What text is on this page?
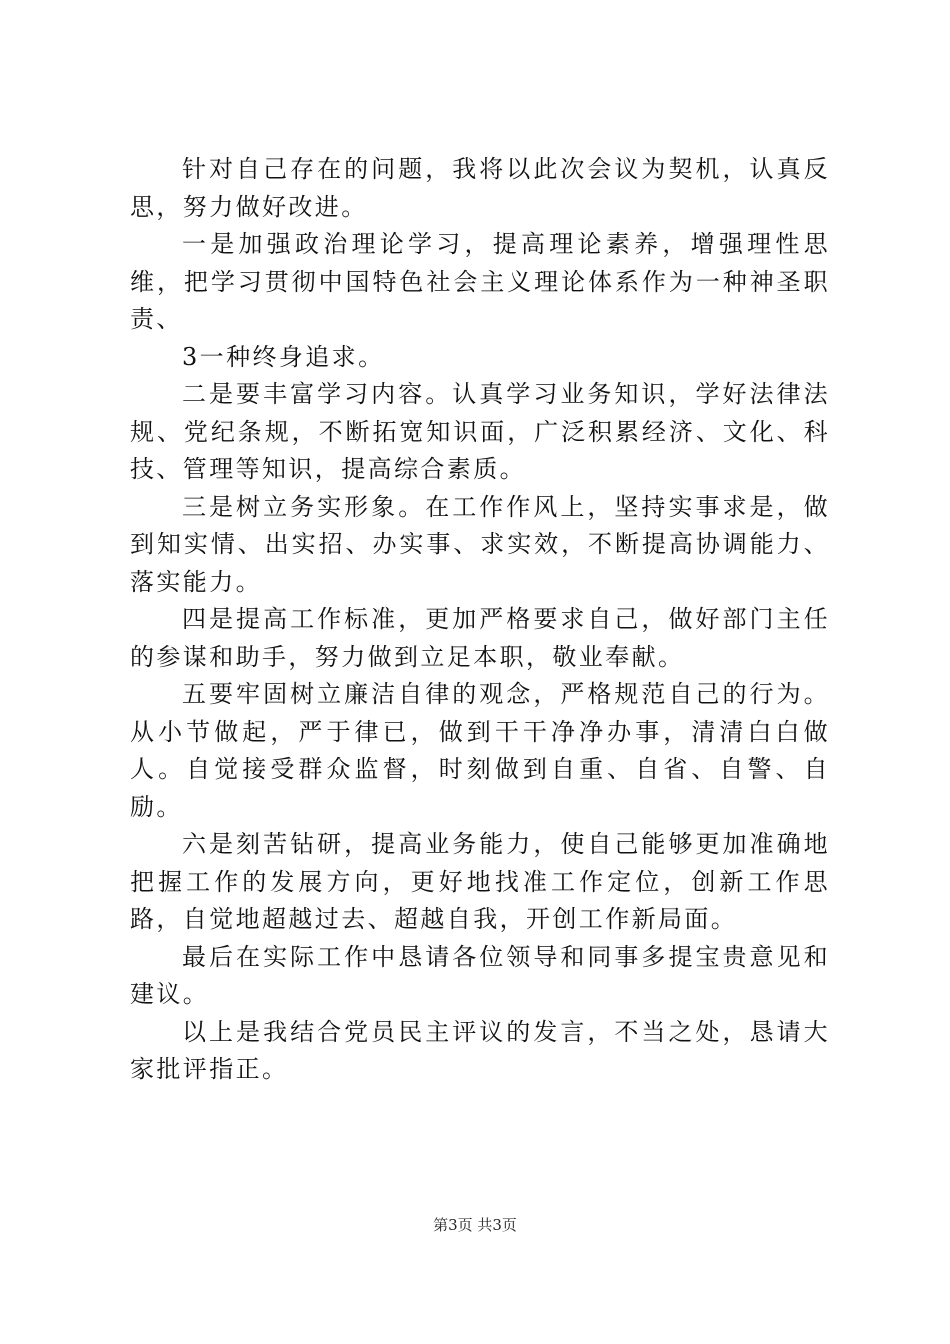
针对自己存在的问题，我将以此次会议为契机，认真反思，努力做好改进。

一是加强政治理论学习，提高理论素养，增强理性思维，把学习贯彻中国特色社会主义理论体系作为一种神圣职责、

3一种终身追求。

二是要丰富学习内容。认真学习业务知识，学好法律法规、党纪条规，不断拓宽知识面，广泛积累经济、文化、科技、管理等知识，提高综合素质。

三是树立务实形象。在工作作风上，坚持实事求是，做到知实情、出实招、办实事、求实效，不断提高协调能力、落实能力。

四是提高工作标准，更加严格要求自己，做好部门主任的参谋和助手，努力做到立足本职，敬业奉献。

五要牢固树立廉洁自律的观念，严格规范自己的行为。从小节做起，严于律已，做到干干净净办事，清清白白做人。自觉接受群众监督，时刻做到自重、自省、自警、自励。

六是刻苦钻研，提高业务能力，使自己能够更加准确地把握工作的发展方向，更好地找准工作定位，创新工作思路，自觉地超越过去、超越自我，开创工作新局面。

最后在实际工作中恳请各位领导和同事多提宝贵意见和建议。

以上是我结合党员民主评议的发言，不当之处，恳请大家批评指正。

第3页 共3页
